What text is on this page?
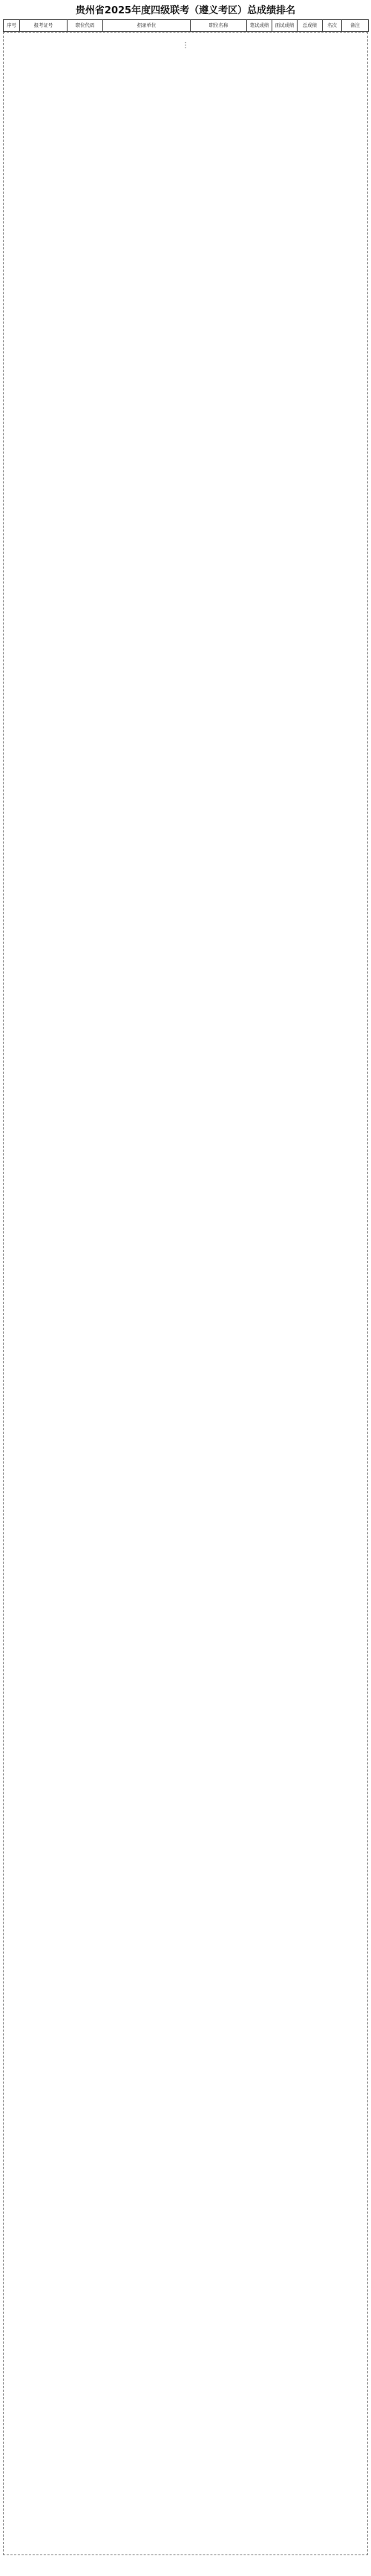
贵州省2025年度四级联考（遵义考区）总成绩排名
序号	报考证号	职位代码	招录单位	职位名称	笔试成绩	面试成绩	总成绩	名次	备注
⋮
